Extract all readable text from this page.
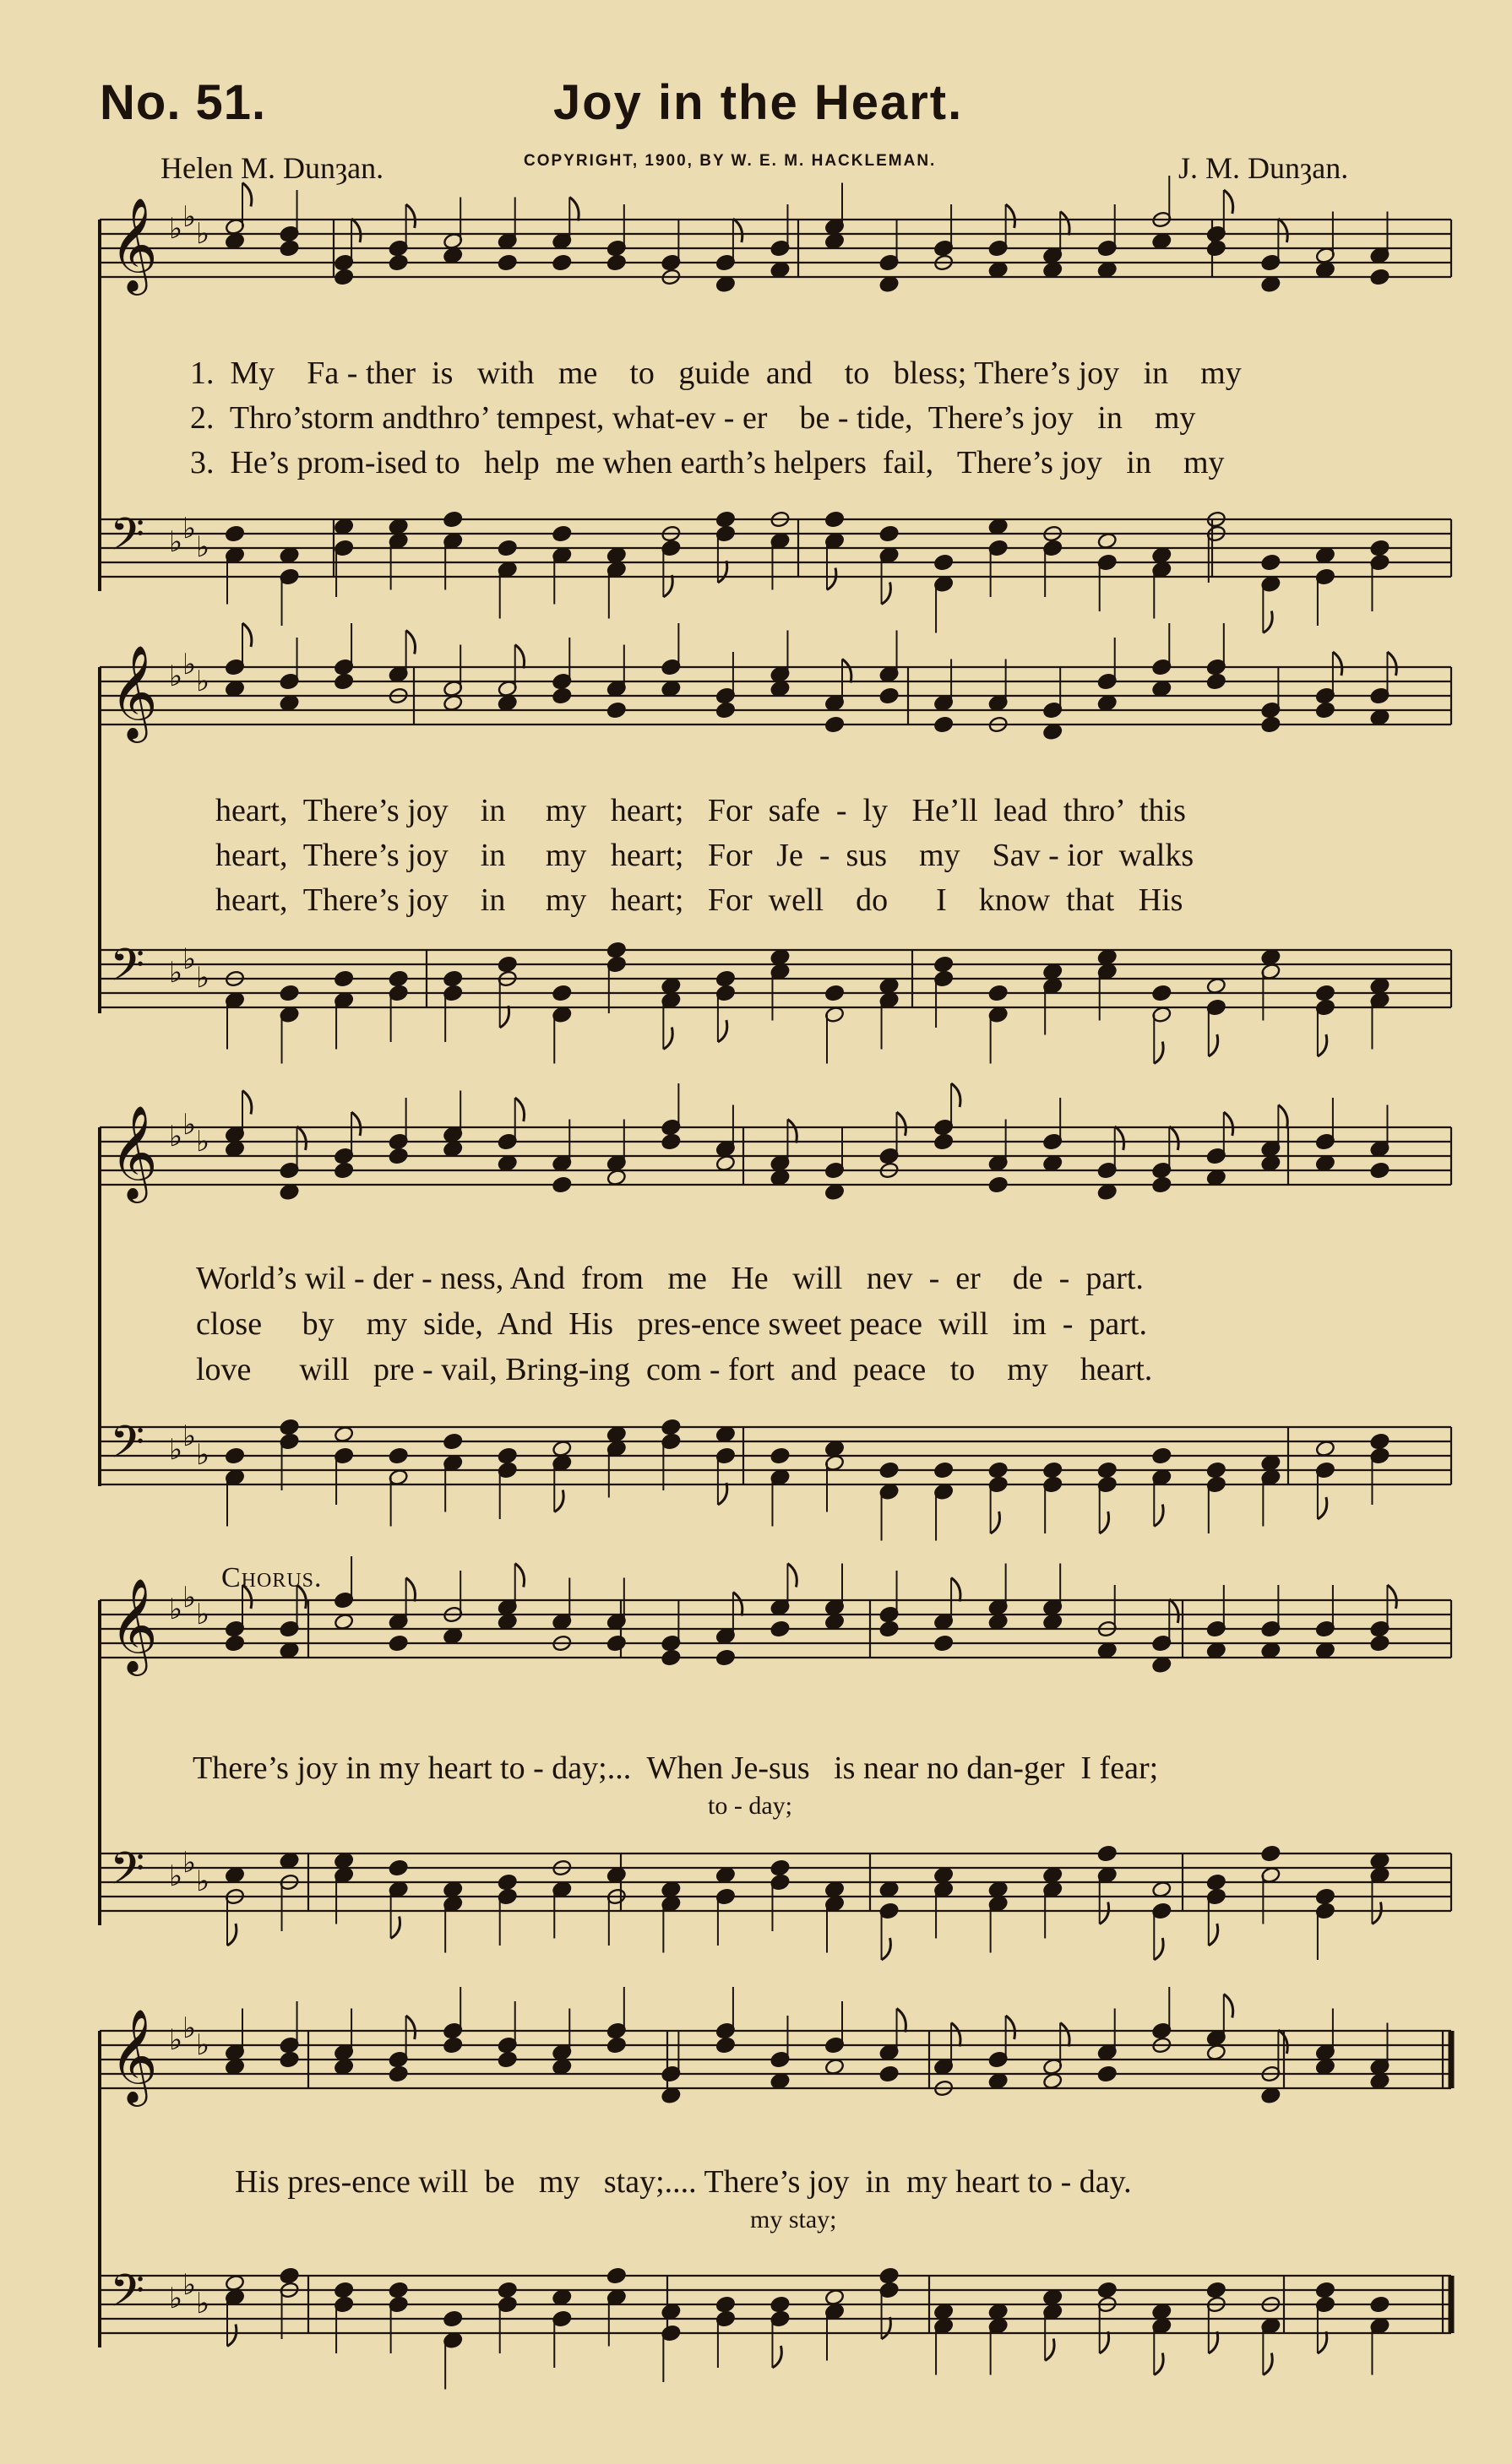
No. 51.	Joy in the Heart.
Helen M. Dunȝan.	COPYRIGHT, 1900, BY W. E. M. HACKLEMAN.	J. M. Dunȝan.
𝄞 ♭ ♭ ♭
𝄢 ♭ ♭
♭
𝄞 ♭ ♭ ♭
𝄢 ♭ ♭
♭
𝄞 ♭ ♭ ♭
𝄢 ♭ ♭
♭
𝄞 ♭ ♭ ♭
𝄢 ♭ ♭
♭
𝄞 ♭ ♭ ♭
𝄢 ♭ ♭
♭
1.  My    Fa - ther  is   with   me    to   guide  and    to   bless; There’s joy   in    my
2.  Thro’storm andthro’ tempest, what-ev - er    be - tide,  There’s joy   in    my
3.  He’s prom-ised to   help  me when earth’s helpers  fail,   There’s joy   in    my
heart,  There’s joy    in     my   heart;   For  safe  -  ly   He’ll  lead  thro’  this
heart,  There’s joy    in     my   heart;   For   Je  -  sus    my    Sav - ior  walks
heart,  There’s joy    in     my   heart;   For  well    do      I    know  that   His
World’s wil - der - ness, And  from   me   He   will   nev  -  er    de  -  part.
close     by    my  side,  And  His   pres-ence sweet peace  will   im  -  part.
love      will   pre - vail, Bring-ing  com - fort  and  peace   to    my    heart.
Chorus.
There’s joy in my heart to - day;...  When Je-sus   is near no dan-ger  I fear;
to - day;
His pres-ence will  be   my   stay;.... There’s joy  in  my heart to - day.
my stay;
